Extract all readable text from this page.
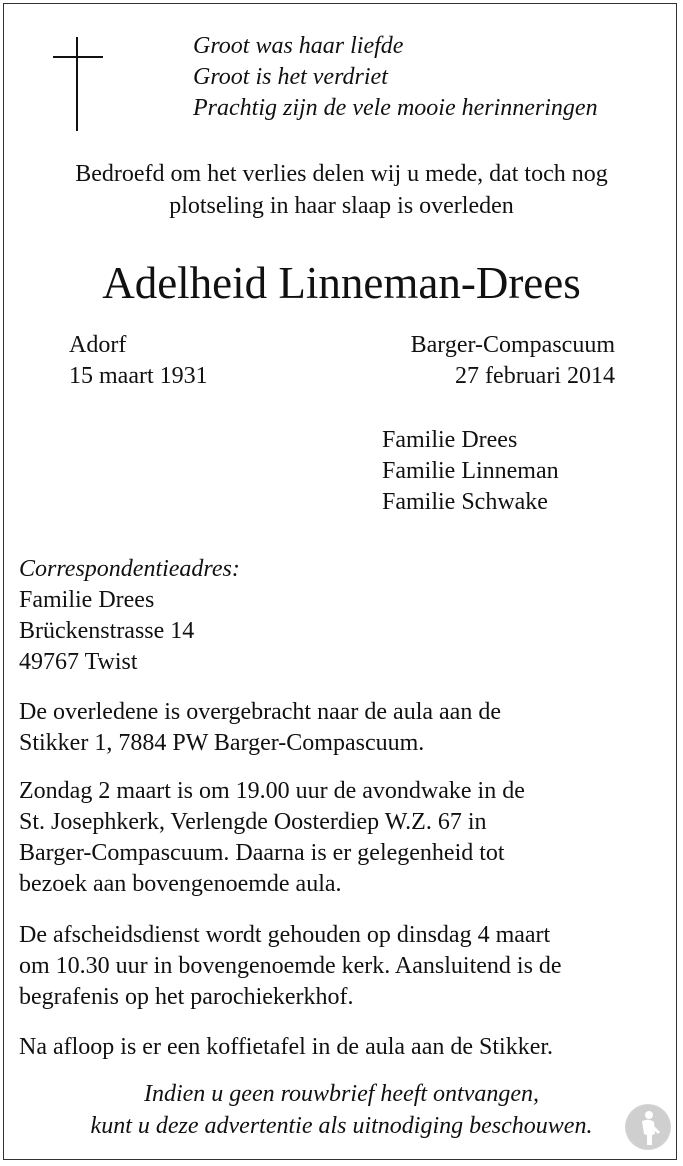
Groot was haar liefde
Groot is het verdriet
Prachtig zijn de vele mooie herinneringen
Bedroefd om het verlies delen wij u mede, dat toch nog
plotseling in haar slaap is overleden
Adelheid Linneman-Drees
Adorf
15 maart 1931
Barger-Compascuum
27 februari 2014
Familie Drees
Familie Linneman
Familie Schwake
Correspondentieadres:
Familie Drees
Brückenstrasse 14
49767 Twist
De overledene is overgebracht naar de aula aan de
Stikker 1, 7884 PW Barger-Compascuum.
Zondag 2 maart is om 19.00 uur de avondwake in de
St. Josephkerk, Verlengde Oosterdiep W.Z. 67 in
Barger-Compascuum. Daarna is er gelegenheid tot
bezoek aan bovengenoemde aula.
De afscheidsdienst wordt gehouden op dinsdag 4 maart
om 10.30 uur in bovengenoemde kerk. Aansluitend is de
begrafenis op het parochiekerkhof.
Na afloop is er een koffietafel in de aula aan de Stikker.
Indien u geen rouwbrief heeft ontvangen,
kunt u deze advertentie als uitnodiging beschouwen.
